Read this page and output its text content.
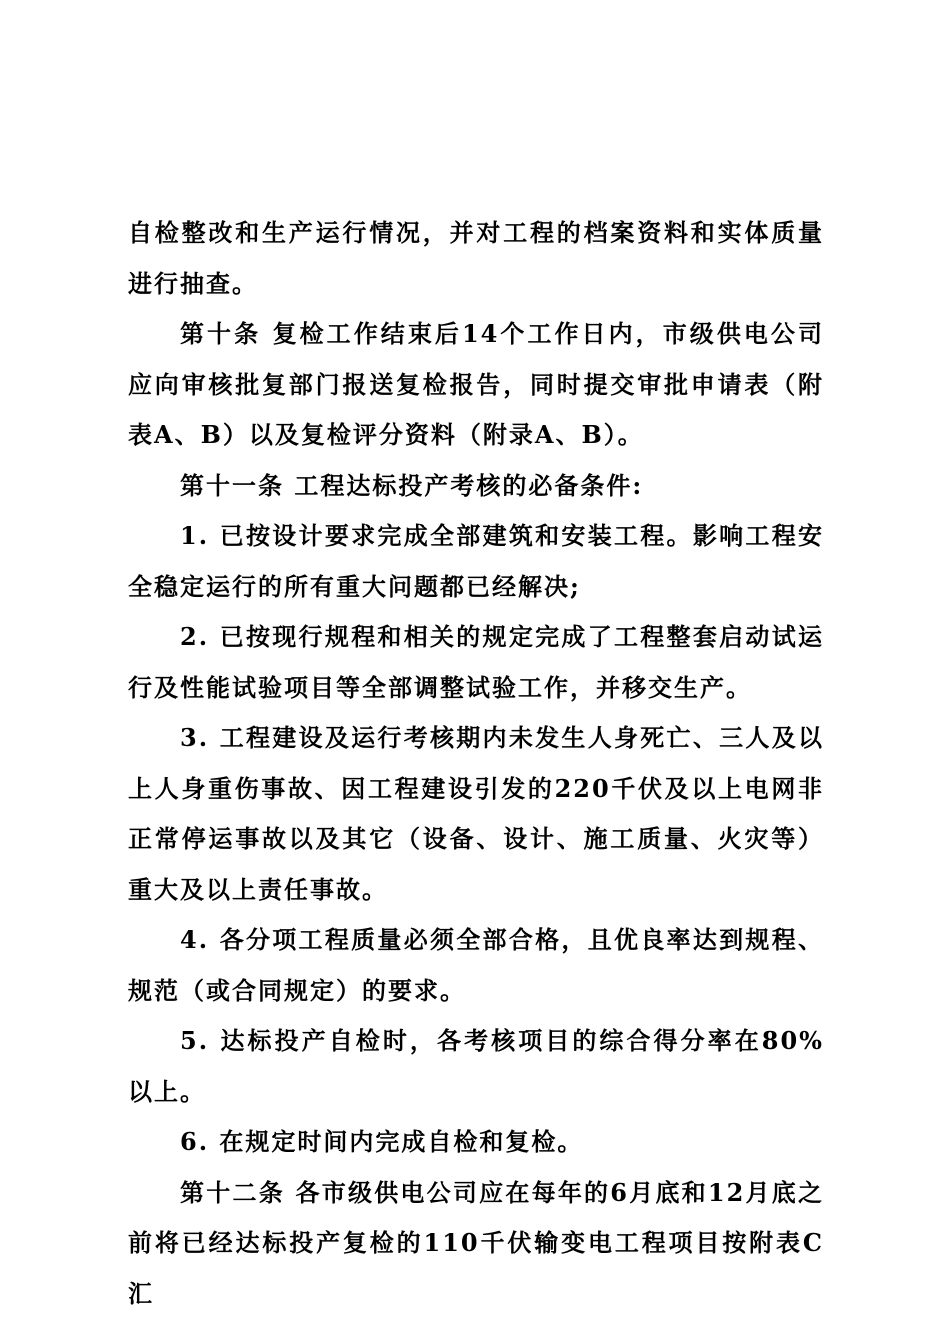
自检整改和生产运行情况，并对工程的档案资料和实体质量进行抽查。

第十条 复检工作结束后14个工作日内，市级供电公司应向审核批复部门报送复检报告，同时提交审批申请表（附表A、B）以及复检评分资料（附录A、B）。

第十一条 工程达标投产考核的必备条件:

1. 已按设计要求完成全部建筑和安装工程。影响工程安全稳定运行的所有重大问题都已经解决;

2. 已按现行规程和相关的规定完成了工程整套启动试运行及性能试验项目等全部调整试验工作，并移交生产。

3. 工程建设及运行考核期内未发生人身死亡、三人及以上人身重伤事故、因工程建设引发的220千伏及以上电网非正常停运事故以及其它（设备、设计、施工质量、火灾等）重大及以上责任事故。

4. 各分项工程质量必须全部合格，且优良率达到规程、规范（或合同规定）的要求。

5. 达标投产自检时，各考核项目的综合得分率在80%以上。

6. 在规定时间内完成自检和复检。

第十二条 各市级供电公司应在每年的6月底和12月底之前将已经达标投产复检的110千伏输变电工程项目按附表C汇
